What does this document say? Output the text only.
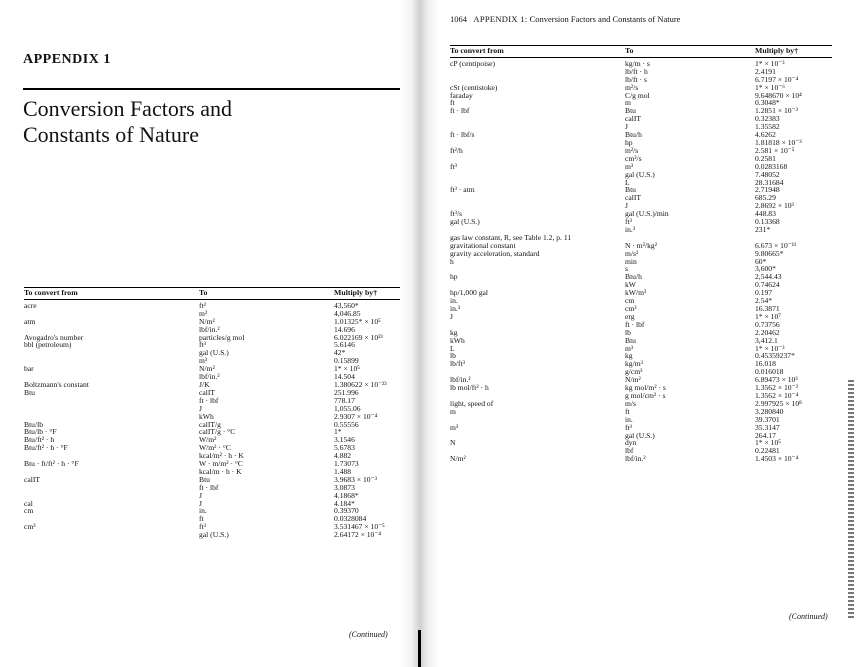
APPENDIX 1
Conversion Factors and
Constants of Nature
To convert from	To	Multiply by†
acre	ft²	43,560*
	m²	4,046.85
atm	N/m²	1.01325* × 10⁵
	lbf/in.²	14.696
Avogadro's number	particles/g mol	6.022169 × 10²³
bbl (petroleum)	ft³	5.6146
	gal (U.S.)	42*
	m³	0.15899
bar	N/m²	1* × 10⁵
	lbf/in.²	14.504
Boltzmann's constant	J/K	1.380622 × 10⁻²³
Btu	calIT	251.996
	ft · lbf	778.17
	J	1,055.06
	kWh	2.9307 × 10⁻⁴
Btu/lb	calIT/g	0.55556
Btu/lb · °F	calIT/g · °C	1*
Btu/ft² · h	W/m²	3.1546
Btu/ft² · h · °F	W/m² · °C	5.6783
	kcal/m² · h · K	4.882
Btu · ft/ft² · h · °F	W · m/m² · °C	1.73073
	kcal/m · h · K	1.488
calIT	Btu	3.9683 × 10⁻³
	ft · lbf	3.0873
	J	4.1868*
cal	J	4.184*
cm	in.	0.39370
	ft	0.0328084
cm³	ft³	3.531467 × 10⁻⁵
	gal (U.S.)	2.64172 × 10⁻⁴
(Continued)
1064 APPENDIX 1: Conversion Factors and Constants of Nature
To convert from	To	Multiply by†
cP (centipoise)	kg/m · s	1* × 10⁻³
	lb/ft · h	2.4191
	lb/ft · s	6.7197 × 10⁻⁴
cSt (centistoke)	m²/s	1* × 10⁻⁶
faraday	C/g mol	9.648670 × 10⁴
ft	m	0.3048*
ft · lbf	Btu	1.2851 × 10⁻³
	calIT	0.32383
	J	1.35582
ft · lbf/s	Btu/h	4.6262
	hp	1.81818 × 10⁻³
ft²/h	m²/s	2.581 × 10⁻⁵
	cm²/s	0.2581
ft³	m³	0.0283168
	gal (U.S.)	7.48052
	L	28.31684
ft³ · atm	Btu	2.71948
	calIT	685.29
	J	2.8692 × 10³
ft³/s	gal (U.S.)/min	448.83
gal (U.S.)	ft³	0.13368
	in.³	231*
gas law constant, R, see Table 1.2, p. 11		
gravitational constant	N · m²/kg²	6.673 × 10⁻¹¹
gravity acceleration, standard	m/s²	9.80665*
h	min	60*
	s	3,600*
hp	Btu/h	2,544.43
	kW	0.74624
hp/1,000 gal	kW/m³	0.197
in.	cm	2.54*
in.³	cm³	16.3871
J	erg	1* × 10⁷
	ft · lbf	0.73756
kg	lb	2.20462
kWh	Btu	3,412.1
L	m³	1* × 10⁻³
lb	kg	0.45359237*
lb/ft³	kg/m³	16.018
	g/cm³	0.016018
lbf/in.²	N/m²	6.89473 × 10³
lb mol/ft² · h	kg mol/m² · s	1.3562 × 10⁻³
	g mol/cm² · s	1.3562 × 10⁻⁴
light, speed of	m/s	2.997925 × 10⁸
m	ft	3.280840
	in.	39.3701
m³	ft³	35.3147
	gal (U.S.)	264.17
N	dyn	1* × 10⁵
	lbf	0.22481
N/m²	lbf/in.²	1.4503 × 10⁻⁴
(Continued)
